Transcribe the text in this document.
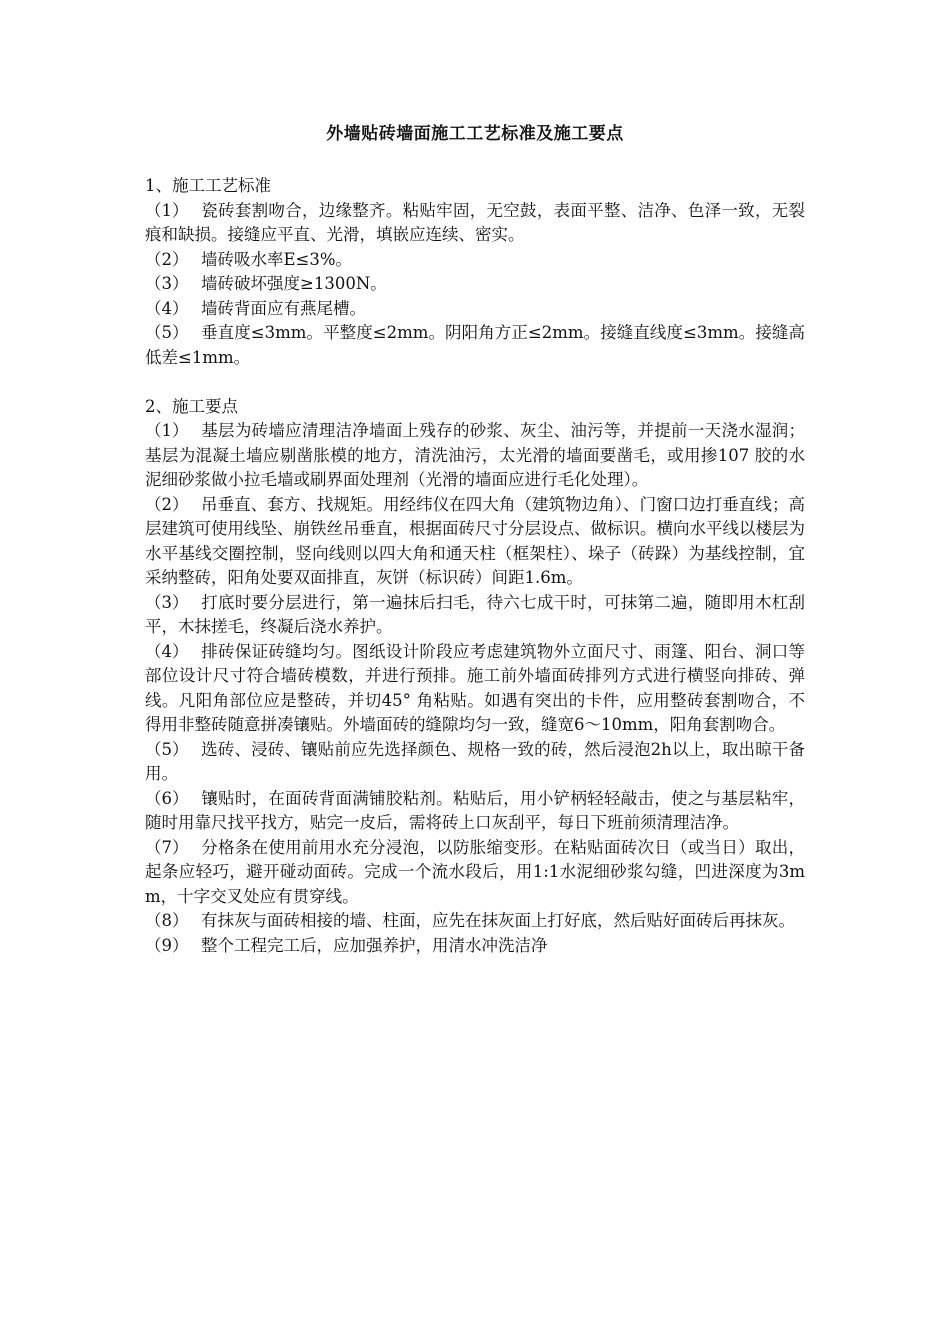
外墙贴砖墙面施工工艺标准及施工要点

1、施工工艺标准

（1） 瓷砖套割吻合，边缘整齐。粘贴牢固，无空鼓，表面平整、洁净、色泽一致，无裂痕和缺损。接缝应平直、光滑，填嵌应连续、密实。

（2） 墙砖吸水率E≤3%。

（3） 墙砖破坏强度≥1300N。

（4） 墙砖背面应有燕尾槽。

（5） 垂直度≤3mm。平整度≤2mm。阴阳角方正≤2mm。接缝直线度≤3mm。接缝高低差≤1mm。

2、施工要点

（1） 基层为砖墙应清理洁净墙面上残存的砂浆、灰尘、油污等，并提前一天浇水湿润；基层为混凝土墙应剔凿胀模的地方，清洗油污，太光滑的墙面要凿毛，或用掺107 胶的水泥细砂浆做小拉毛墙或刷界面处理剂（光滑的墙面应进行毛化处理）。

（2） 吊垂直、套方、找规矩。用经纬仪在四大角（建筑物边角）、门窗口边打垂直线；高层建筑可使用线坠、崩铁丝吊垂直，根据面砖尺寸分层设点、做标识。横向水平线以楼层为水平基线交圈控制，竖向线则以四大角和通天柱（框架柱）、垛子（砖跺）为基线控制，宜采纳整砖，阳角处要双面排直，灰饼（标识砖）间距1.6m。

（3） 打底时要分层进行，第一遍抹后扫毛，待六七成干时，可抹第二遍，随即用木杠刮平，木抹搓毛，终凝后浇水养护。

（4） 排砖保证砖缝均匀。图纸设计阶段应考虑建筑物外立面尺寸、雨篷、阳台、洞口等部位设计尺寸符合墙砖模数，并进行预排。施工前外墙面砖排列方式进行横竖向排砖、弹线。凡阳角部位应是整砖，并切45° 角粘贴。如遇有突出的卡件，应用整砖套割吻合，不得用非整砖随意拼凑镶贴。外墙面砖的缝隙均匀一致，缝宽6～10mm，阳角套割吻合。

（5） 选砖、浸砖、镶贴前应先选择颜色、规格一致的砖，然后浸泡2h以上，取出晾干备用。

（6） 镶贴时，在面砖背面满铺胶粘剂。粘贴后，用小铲柄轻轻敲击，使之与基层粘牢，随时用靠尺找平找方，贴完一皮后，需将砖上口灰刮平，每日下班前须清理洁净。

（7） 分格条在使用前用水充分浸泡，以防胀缩变形。在粘贴面砖次日（或当日）取出，起条应轻巧，避开碰动面砖。完成一个流水段后，用1:1水泥细砂浆勾缝，凹进深度为3mm，十字交叉处应有贯穿线。

（8） 有抹灰与面砖相接的墙、柱面，应先在抹灰面上打好底，然后贴好面砖后再抹灰。

（9） 整个工程完工后，应加强养护，用清水冲洗洁净
